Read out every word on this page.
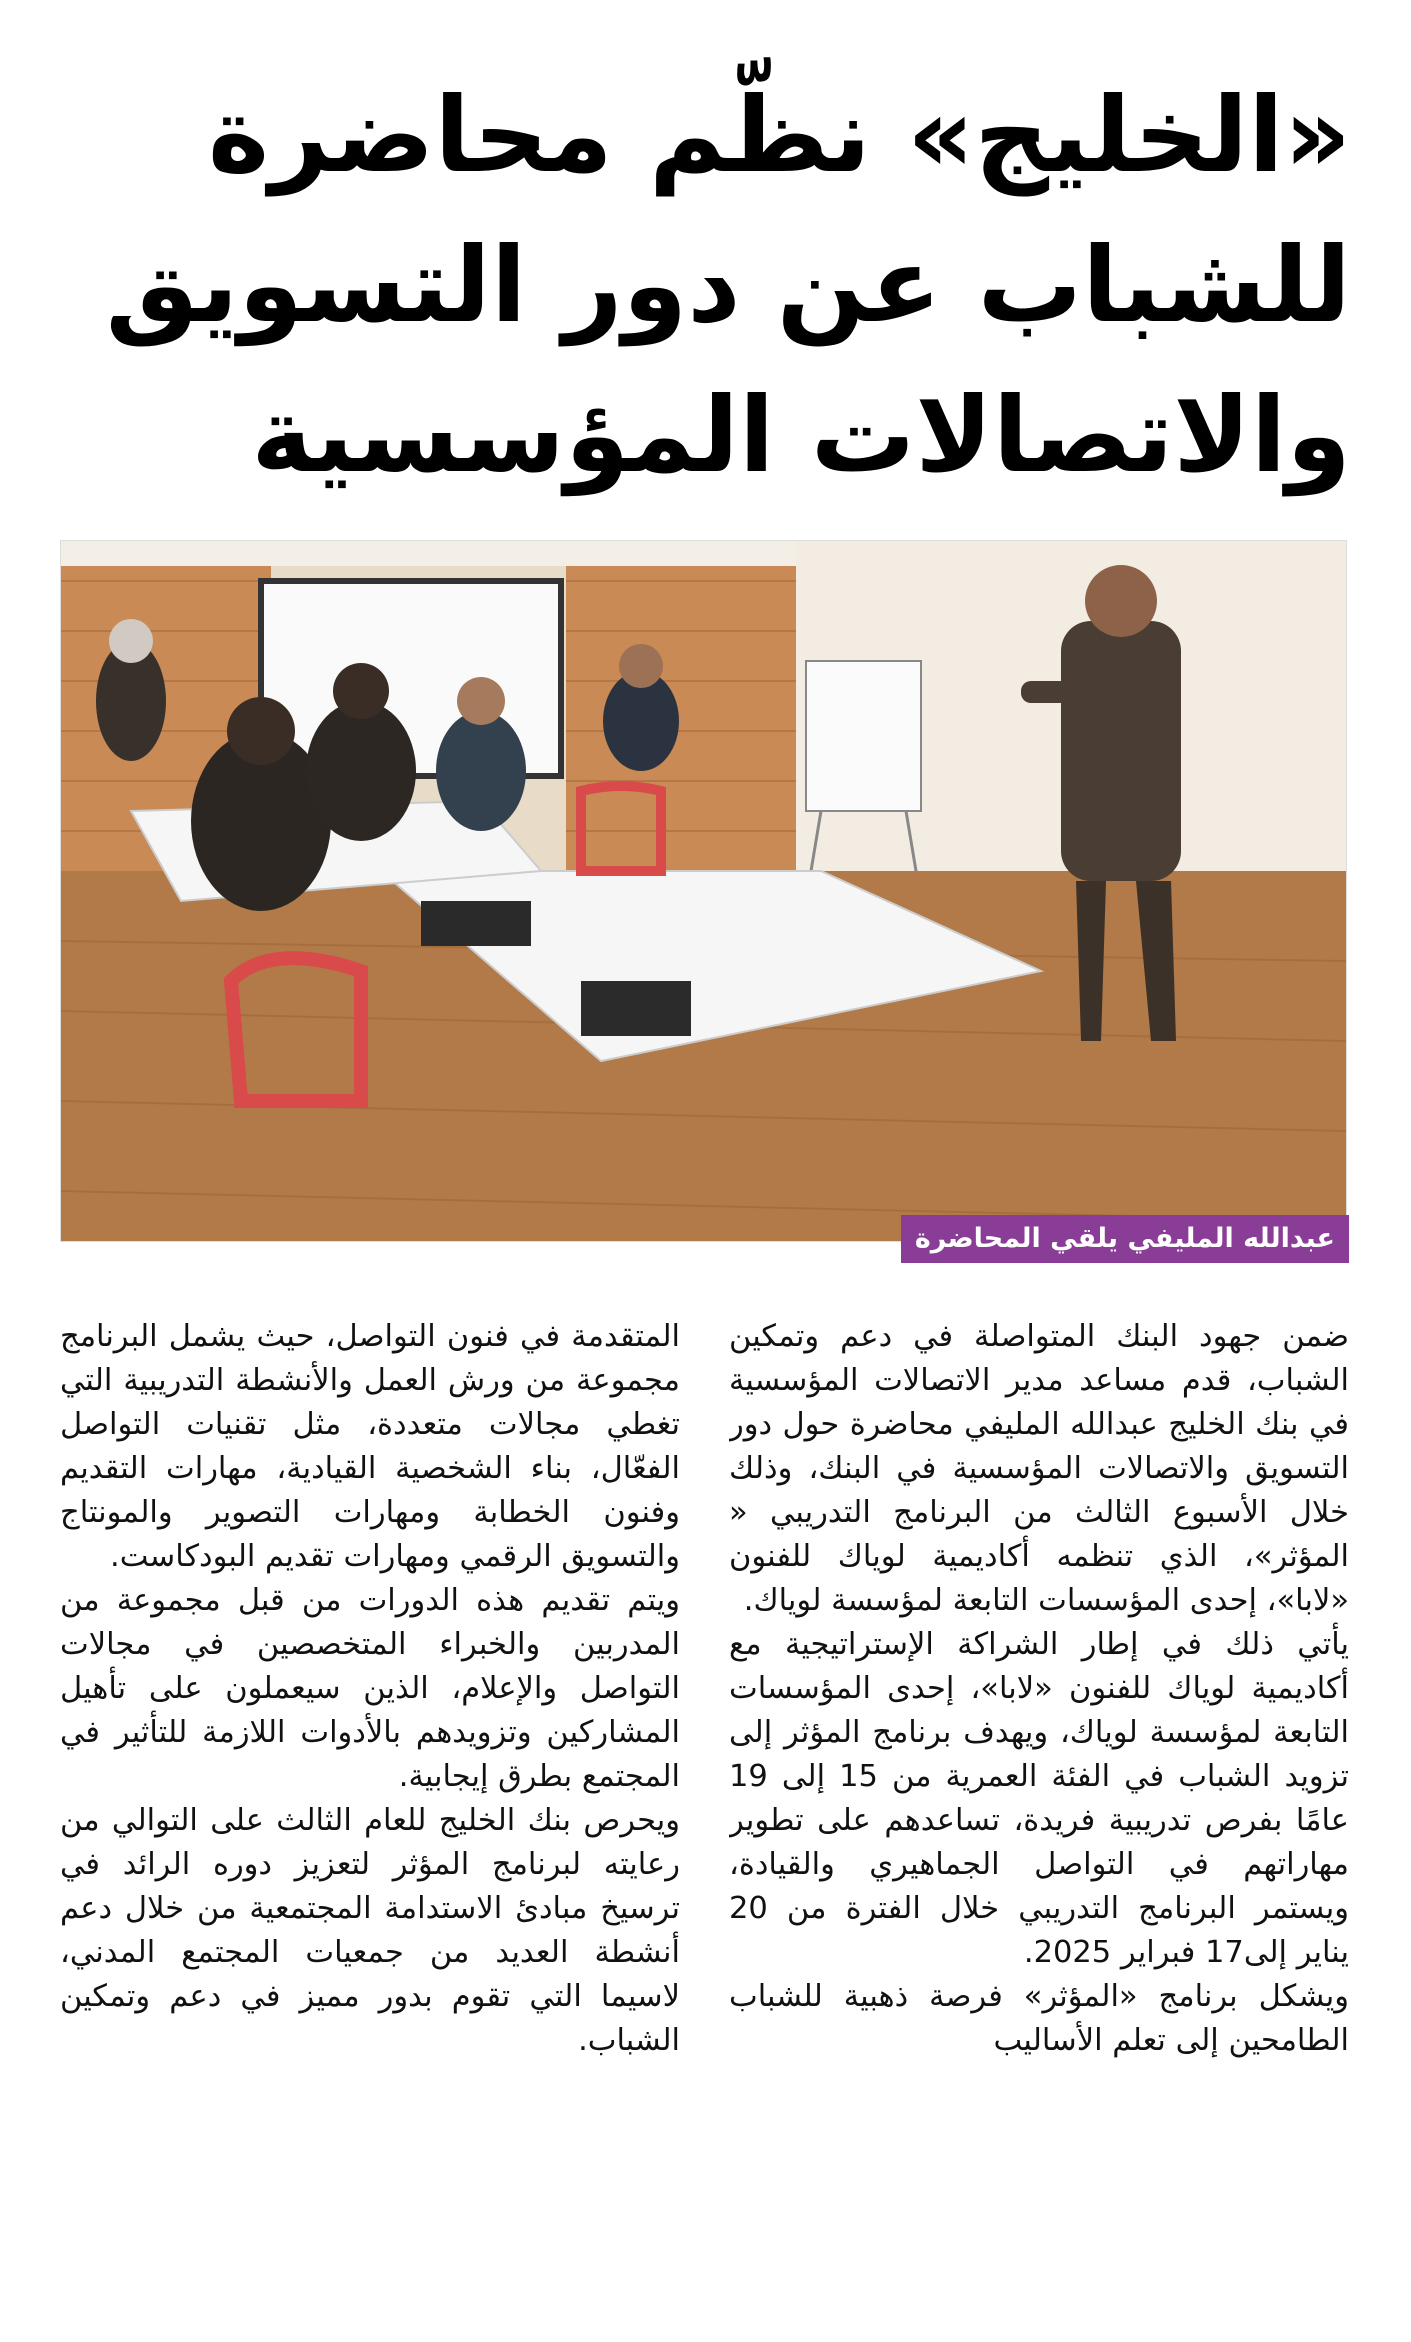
«الخليج» نظّم محاضرة للشباب عن دور التسويق والاتصالات المؤسسية
عبدالله المليفي يلقي المحاضرة

ضمن جهود البنك المتواصلة في دعم وتمكين الشباب، قدم مساعد مدير الاتصالات المؤسسية في بنك الخليج عبدالله المليفي محاضرة حول دور التسويق والاتصالات المؤسسية في البنك، وذلك خلال الأسبوع الثالث من البرنامج التدريبي « المؤثر»، الذي تنظمه أكاديمية لوياك للفنون «لابا»، إحدى المؤسسات التابعة لمؤسسة لوياك.

يأتي ذلك في إطار الشراكة الإستراتيجية مع أكاديمية لوياك للفنون «لابا»، إحدى المؤسسات التابعة لمؤسسة لوياك، ويهدف برنامج المؤثر إلى تزويد الشباب في الفئة العمرية من 15 إلى 19 عامًا بفرص تدريبية فريدة، تساعدهم على تطوير مهاراتهم في التواصل الجماهيري والقيادة، ويستمر البرنامج التدريبي خلال الفترة من 20 يناير إلى17 فبراير 2025.

ويشكل برنامج «المؤثر» فرصة ذهبية للشباب الطامحين إلى تعلم الأساليب

المتقدمة في فنون التواصل، حيث يشمل البرنامج مجموعة من ورش العمل والأنشطة التدريبية التي تغطي مجالات متعددة، مثل تقنيات التواصل الفعّال، بناء الشخصية القيادية، مهارات التقديم وفنون الخطابة ومهارات التصوير والمونتاج والتسويق الرقمي ومهارات تقديم البودكاست.

ويتم تقديم هذه الدورات من قبل مجموعة من المدربين والخبراء المتخصصين في مجالات التواصل والإعلام، الذين سيعملون على تأهيل المشاركين وتزويدهم بالأدوات اللازمة للتأثير في المجتمع بطرق إيجابية.

ويحرص بنك الخليج للعام الثالث على التوالي من رعايته لبرنامج المؤثر لتعزيز دوره الرائد في ترسيخ مبادئ الاستدامة المجتمعية من خلال دعم أنشطة العديد من جمعيات المجتمع المدني، لاسيما التي تقوم بدور مميز في دعم وتمكين الشباب.
